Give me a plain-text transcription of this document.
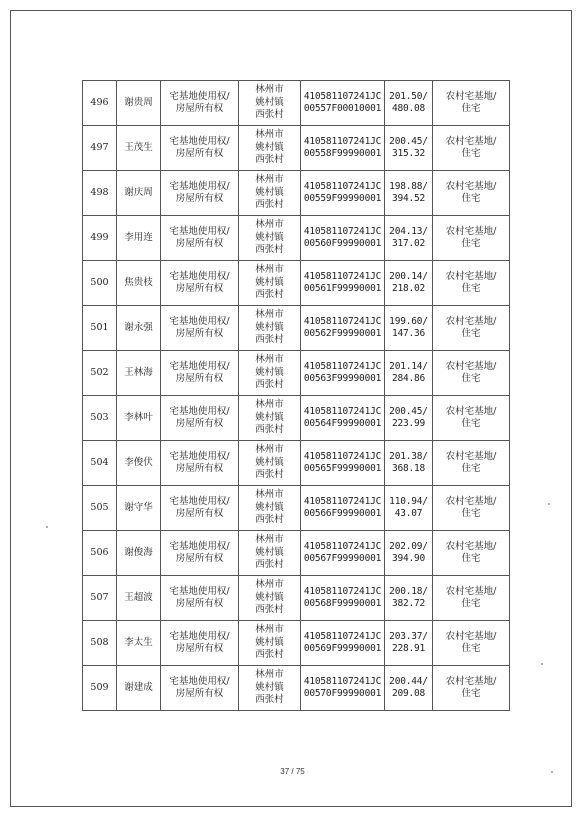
496	谢贵周	宅基地使用权/
房屋所有权	林州市
姚村镇
西张村	410581107241JC
00557F00010001	201.50/
480.08	农村宅基地/
住宅

497	王茂生	宅基地使用权/
房屋所有权	林州市
姚村镇
西张村	410581107241JC
00558F99990001	200.45/
315.32	农村宅基地/
住宅

498	谢庆周	宅基地使用权/
房屋所有权	林州市
姚村镇
西张村	410581107241JC
00559F99990001	198.88/
394.52	农村宅基地/
住宅

499	李用连	宅基地使用权/
房屋所有权	林州市
姚村镇
西张村	410581107241JC
00560F99990001	204.13/
317.02	农村宅基地/
住宅

500	焦贵枝	宅基地使用权/
房屋所有权	林州市
姚村镇
西张村	410581107241JC
00561F99990001	200.14/
218.02	农村宅基地/
住宅

501	谢永强	宅基地使用权/
房屋所有权	林州市
姚村镇
西张村	410581107241JC
00562F99990001	199.60/
147.36	农村宅基地/
住宅

502	王林海	宅基地使用权/
房屋所有权	林州市
姚村镇
西张村	410581107241JC
00563F99990001	201.14/
284.86	农村宅基地/
住宅

503	李林叶	宅基地使用权/
房屋所有权	林州市
姚村镇
西张村	410581107241JC
00564F99990001	200.45/
223.99	农村宅基地/
住宅

504	李俊伏	宅基地使用权/
房屋所有权	林州市
姚村镇
西张村	410581107241JC
00565F99990001	201.38/
368.18	农村宅基地/
住宅

505	谢守华	宅基地使用权/
房屋所有权	林州市
姚村镇
西张村	410581107241JC
00566F99990001	110.94/
43.07	农村宅基地/
住宅

506	谢俊海	宅基地使用权/
房屋所有权	林州市
姚村镇
西张村	410581107241JC
00567F99990001	202.09/
394.90	农村宅基地/
住宅

507	王超波	宅基地使用权/
房屋所有权	林州市
姚村镇
西张村	410581107241JC
00568F99990001	200.18/
382.72	农村宅基地/
住宅

508	李太生	宅基地使用权/
房屋所有权	林州市
姚村镇
西张村	410581107241JC
00569F99990001	203.37/
228.91	农村宅基地/
住宅

509	谢建成	宅基地使用权/
房屋所有权	林州市
姚村镇
西张村	410581107241JC
00570F99990001	200.44/
209.08	农村宅基地/
住宅
37 / 75
